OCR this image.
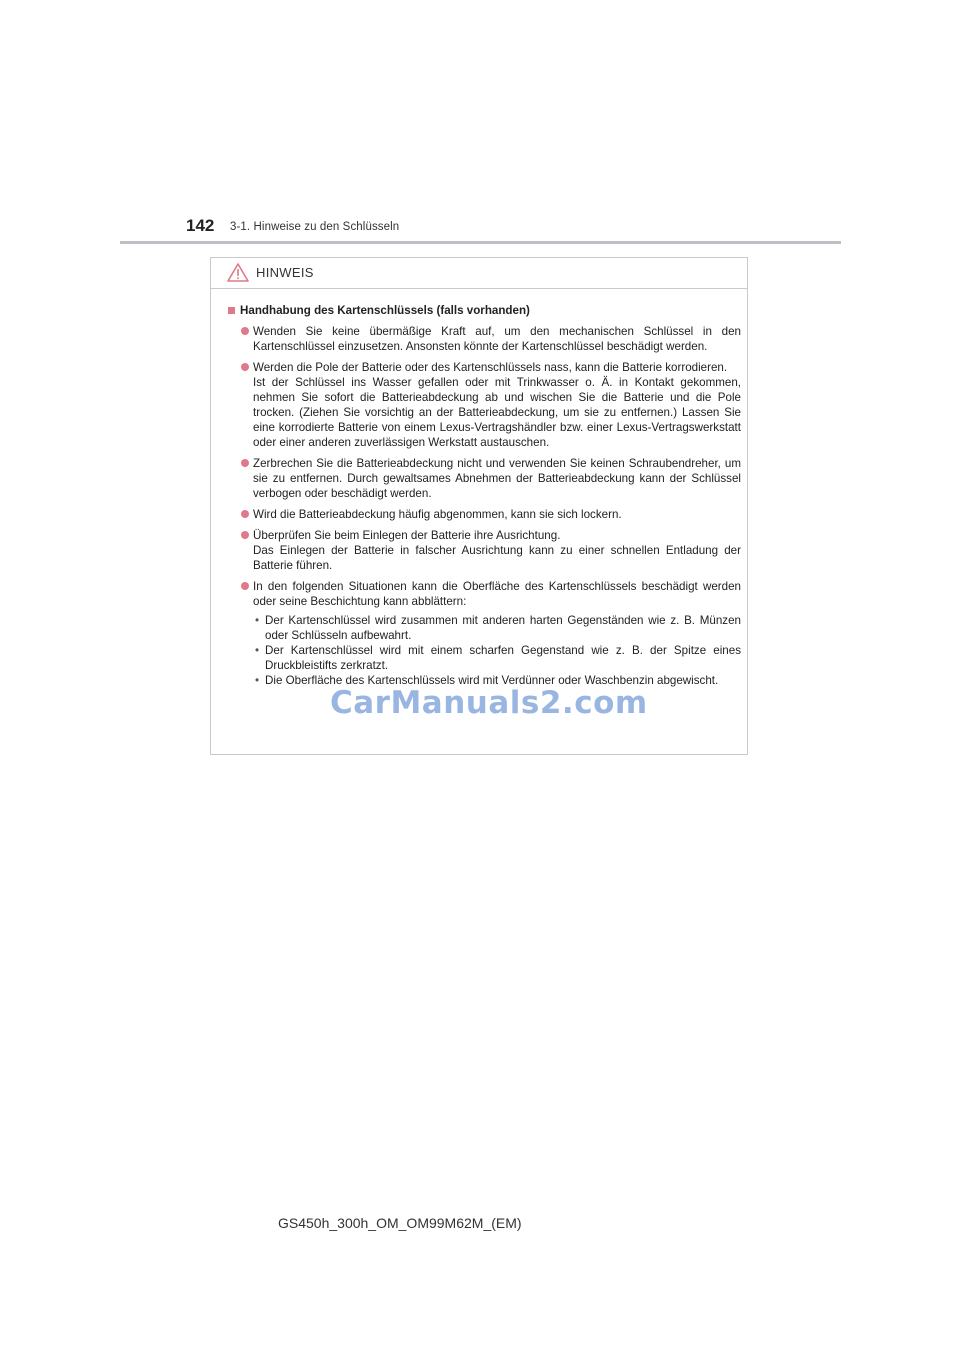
142 3-1. Hinweise zu den Schlüsseln
HINWEIS
Handhabung des Kartenschlüssels (falls vorhanden)

Wenden Sie keine übermäßige Kraft auf, um den mechanischen Schlüssel in den Kartenschlüssel einzusetzen. Ansonsten könnte der Kartenschlüssel beschädigt werden.

Werden die Pole der Batterie oder des Kartenschlüssels nass, kann die Batterie korrodieren.

Ist der Schlüssel ins Wasser gefallen oder mit Trinkwasser o. Ä. in Kontakt gekommen, nehmen Sie sofort die Batterieabdeckung ab und wischen Sie die Batterie und die Pole trocken. (Ziehen Sie vorsichtig an der Batterieabdeckung, um sie zu entfernen.) Lassen Sie eine korrodierte Batterie von einem Lexus-Vertragshändler bzw. einer Lexus-Vertragswerkstatt oder einer anderen zuverlässigen Werkstatt austauschen.

Zerbrechen Sie die Batterieabdeckung nicht und verwenden Sie keinen Schraubendreher, um sie zu entfernen. Durch gewaltsames Abnehmen der Batterieabdeckung kann der Schlüssel verbogen oder beschädigt werden.

Wird die Batterieabdeckung häufig abgenommen, kann sie sich lockern.

Überprüfen Sie beim Einlegen der Batterie ihre Ausrichtung.

Das Einlegen der Batterie in falscher Ausrichtung kann zu einer schnellen Entladung der Batterie führen.

In den folgenden Situationen kann die Oberfläche des Kartenschlüssels beschädigt werden oder seine Beschichtung kann abblättern:

• Der Kartenschlüssel wird zusammen mit anderen harten Gegenständen wie z. B. Münzen oder Schlüsseln aufbewahrt.
• Der Kartenschlüssel wird mit einem scharfen Gegenstand wie z. B. der Spitze eines Druckbleistifts zerkratzt.
• Die Oberfläche des Kartenschlüssels wird mit Verdünner oder Waschbenzin abgewischt.
CarManuals2.com
GS450h_300h_OM_OM99M62M_(EM)
